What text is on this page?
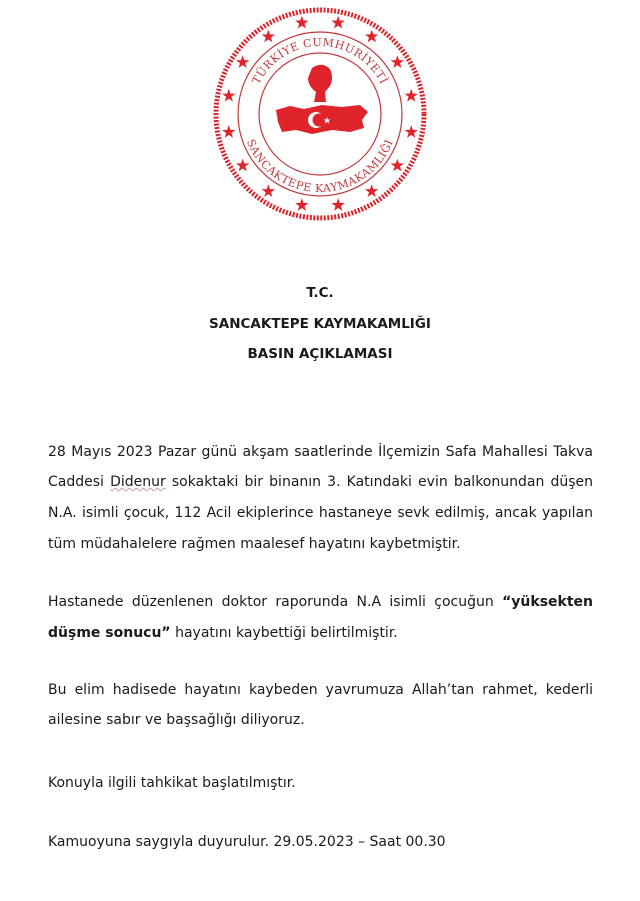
TÜRKİYE CUMHURİYETİ
SANCAKTEPE KAYMAKAMLIĞI
T.C.
SANCAKTEPE KAYMAKAMLIĞI
BASIN AÇIKLAMASI
28 Mayıs 2023 Pazar günü akşam saatlerinde İlçemizin Safa Mahallesi Takva
Caddesi Didenur sokaktaki bir binanın 3. Katındaki evin balkonundan düşen
N.A. isimli çocuk, 112 Acil ekiplerince hastaneye sevk edilmiş, ancak yapılan
tüm müdahalelere rağmen maalesef hayatını kaybetmiştir.
Hastanede düzenlenen doktor raporunda N.A isimli çocuğun “yüksekten
düşme sonucu” hayatını kaybettiği belirtilmiştir.
Bu elim hadisede hayatını kaybeden yavrumuza Allah’tan rahmet, kederli
ailesine sabır ve başsağlığı diliyoruz.
Konuyla ilgili tahkikat başlatılmıştır.
Kamuoyuna saygıyla duyurulur. 29.05.2023 – Saat 00.30
